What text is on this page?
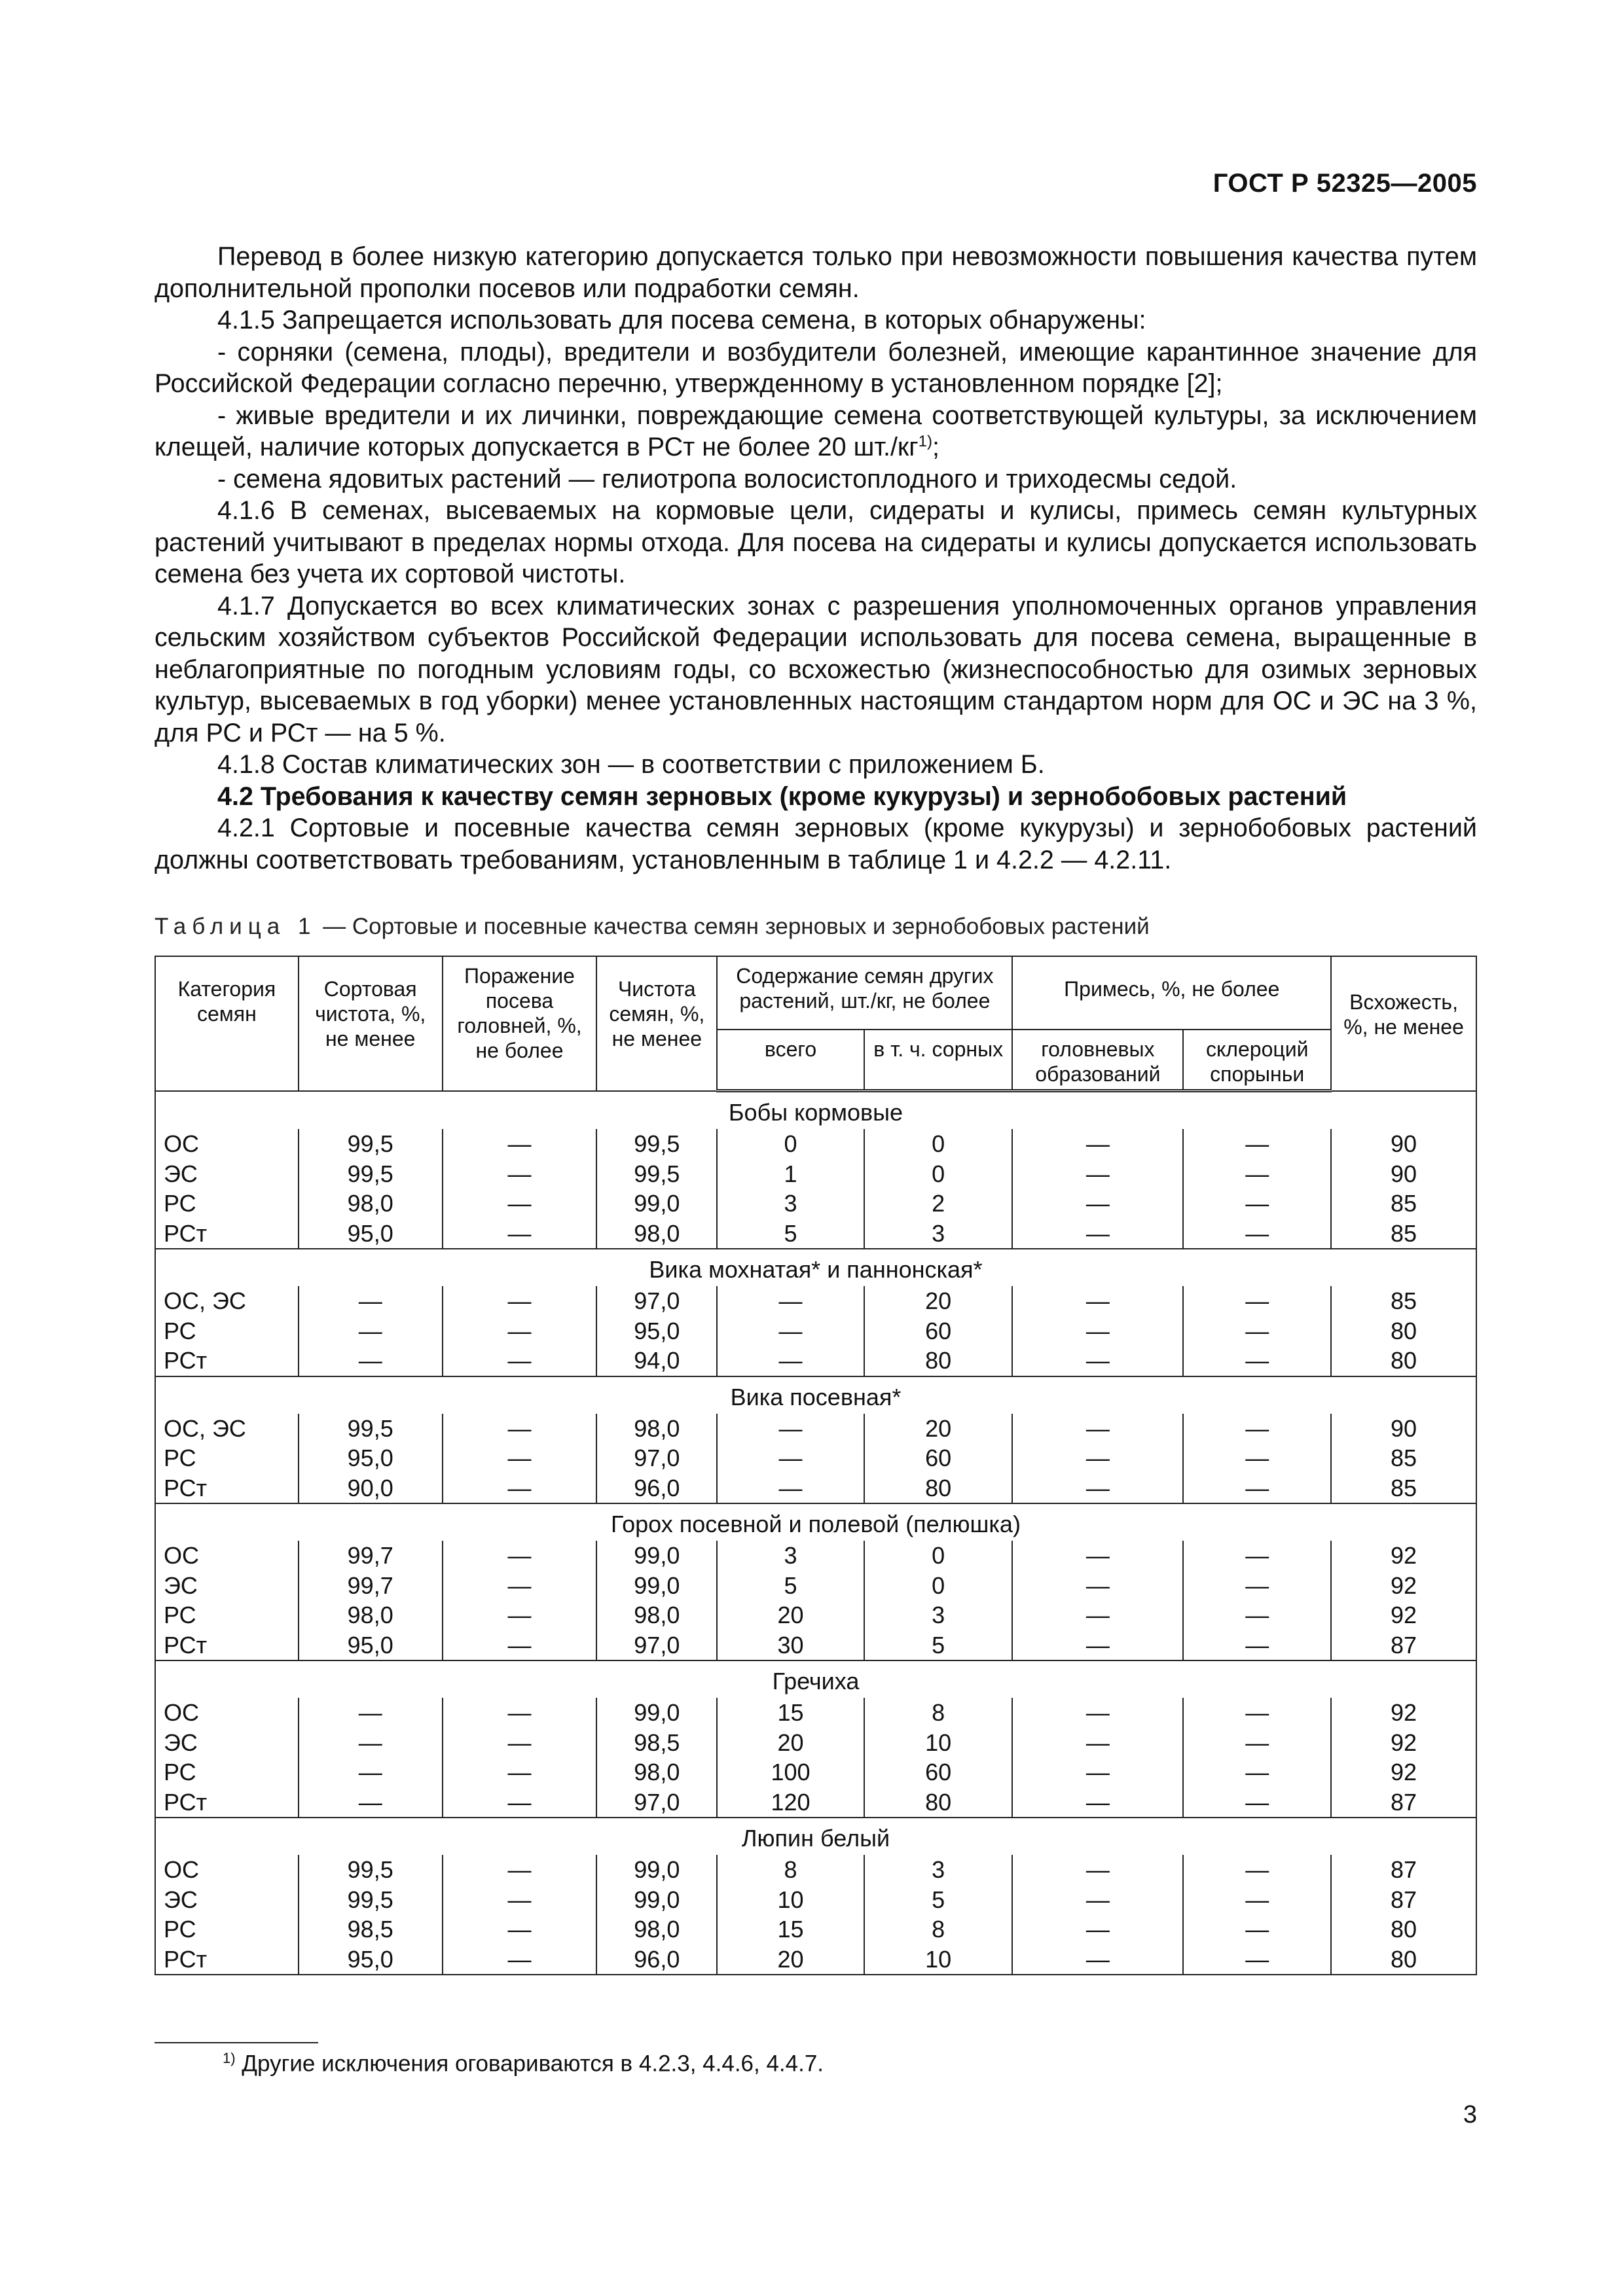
ГОСТ Р 52325—2005

Перевод в более низкую категорию допускается только при невозможности повышения качества путем дополнительной прополки посевов или подработки семян.

4.1.5 Запрещается использовать для посева семена, в которых обнаружены:

- сорняки (семена, плоды), вредители и возбудители болезней, имеющие карантинное значение для Российской Федерации согласно перечню, утвержденному в установленном порядке [2];

- живые вредители и их личинки, повреждающие семена соответствующей культуры, за исключением клещей, наличие которых допускается в РСт не более 20 $шт./кг^{1)}$;

- семена ядовитых растений — гелиотропа волосистоплодного и триходесмы седой.

4.1.6 В семенах, высеваемых на кормовые цели, сидераты и кулисы, примесь семян культурных растений учитывают в пределах нормы отхода. Для посева на сидераты и кулисы допускается использовать семена без учета их сортовой чистоты.

4.1.7 Допускается во всех климатических зонах с разрешения уполномоченных органов управления сельским хозяйством субъектов Российской Федерации использовать для посева семена, выращенные в неблагоприятные по погодным условиям годы, со всхожестью (жизнеспособностью для озимых зерновых культур, высеваемых в год уборки) менее установленных настоящим стандартом норм для ОС и ЭС на 3 %, для РС и РСт — на 5 %.

4.1.8 Состав климатических зон — в соответствии с приложением Б.

4.2 Требования к качеству семян зерновых (кроме кукурузы) и зернобобовых растений

4.2.1 Сортовые и посевные качества семян зерновых (кроме кукурузы) и зернобобовых растений должны соответствовать требованиям, установленным в таблице 1 и 4.2.2 — 4.2.11.

Таблица 1 — Сортовые и посевные качества семян зерновых и зернобобовых растений
Категория семян	Сортовая чистота, %, не менее	Поражение посева головней, %, не более	Чистота семян, %, не менее	Содержание семян других растений, шт./кг, не более		Примесь, %, не более		Всхожесть, %, не менее
				всего	в т. ч. сорных	головневых образований	склероций спорыньи	
Бобы кормовые								
ОС	99,5	—	99,5	0	0	—	—	90
ЭС	99,5	—	99,5	1	0	—	—	90
РС	98,0	—	99,0	3	2	—	—	85
РСт	95,0	—	98,0	5	3	—	—	85
Вика мохнатая* и паннонская*								
ОС, ЭС	—	—	97,0	—	20	—	—	85
РС	—	—	95,0	—	60	—	—	80
РСт	—	—	94,0	—	80	—	—	80
Вика посевная*								
ОС, ЭС	99,5	—	98,0	—	20	—	—	90
РС	95,0	—	97,0	—	60	—	—	85
РСт	90,0	—	96,0	—	80	—	—	85
Горох посевной и полевой (пелюшка)								
ОС	99,7	—	99,0	3	0	—	—	92
ЭС	99,7	—	99,0	5	0	—	—	92
РС	98,0	—	98,0	20	3	—	—	92
РСт	95,0	—	97,0	30	5	—	—	87
Гречиха								
ОС	—	—	99,0	15	8	—	—	92
ЭС	—	—	98,5	20	10	—	—	92
РС	—	—	98,0	100	60	—	—	92
РСт	—	—	97,0	120	80	—	—	87
Люпин белый								
ОС	99,5	—	99,0	8	3	—	—	87
ЭС	99,5	—	99,0	10	5	—	—	87
РС	98,5	—	98,0	15	8	—	—	80
РСт	95,0	—	96,0	20	10	—	—	80
$^{1)}$ Другие исключения оговариваются в 4.2.3, 4.4.6, 4.4.7.
3
